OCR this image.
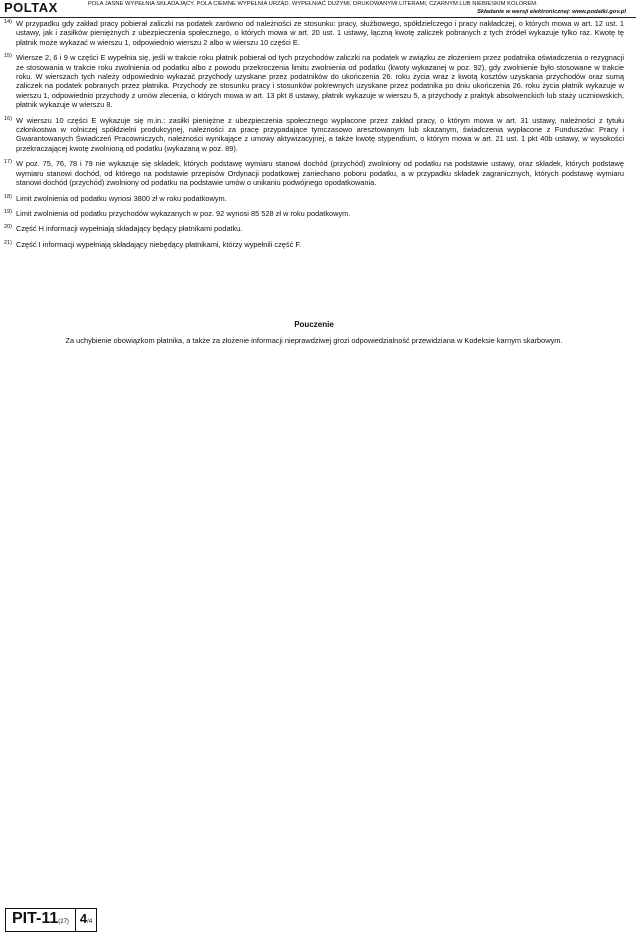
POLTAX	POLA JASNE WYPEŁNIA SKŁADAJĄCY. POLA CIEMNE WYPEŁNIA URZĄD. WYPEŁNIAĆ DUŻYMI, DRUKOWANYMI LITERAMI, CZARNYM LUB NIEBIESKIM KOLOREM.
Składanie w wersji elektronicznej: www.podatki.gov.pl
14) W przypadku gdy zakład pracy pobierał zaliczki na podatek zarówno od należności ze stosunku: pracy, służbowego, spółdzielczego i pracy nakładczej, o których mowa w art. 12 ust. 1 ustawy, jak i zasiłków pieniężnych z ubezpieczenia społecznego, o których mowa w art. 20 ust. 1 ustawy, łączną kwotę zaliczek pobranych z tych źródeł wykazuje tylko raz. Kwotę tę płatnik może wykazać w wierszu 1, odpowiednio wierszu 2 albo w wierszu 10 części E.
15) Wiersze 2, 6 i 9 w części E wypełnia się, jeśli w trakcie roku płatnik pobierał od tych przychodów zaliczki na podatek w związku ze złożeniem przez podatnika oświadczenia o rezygnacji ze stosowania w trakcie roku zwolnienia od podatku albo z powodu przekroczenia limitu zwolnienia od podatku (kwoty wykazanej w poz. 92), gdy zwolnienie było stosowane w trakcie roku. W wierszach tych należy odpowiednio wykazać przychody uzyskane przez podatników do ukończenia 26. roku życia wraz z kwotą kosztów uzyskania przychodów oraz sumą zaliczek na podatek pobranych przez płatnika. Przychody ze stosunku pracy i stosunków pokrewnych uzyskane przez podatnika po dniu ukończenia 26. roku życia płatnik wykazuje w wierszu 1, odpowiednio przychody z umów zlecenia, o których mowa w art. 13 pkt 8 ustawy, płatnik wykazuje w wierszu 5, a przychody z praktyk absolwenckich lub staży uczniowskich, płatnik wykazuje w wierszu 8.
16) W wierszu 10 części E wykazuje się m.in.: zasiłki pieniężne z ubezpieczenia społecznego wypłacone przez zakład pracy, o którym mowa w art. 31 ustawy, należności z tytułu członkostwa w rolniczej spółdzielni produkcyjnej, należności za pracę przypadające tymczasowo aresztowanym lub skazanym, świadczenia wypłacone z Funduszów: Pracy i Gwarantowanych Świadczeń Pracowniczych, należności wynikające z umowy aktywizacyjnej, a także kwotę stypendium, o którym mowa w art. 21 ust. 1 pkt 40b ustawy, w wysokości przekraczającej kwotę zwolnioną od podatku (wykazaną w poz. 89).
17) W poz. 75, 76, 78 i 79 nie wykazuje się składek, których podstawę wymiaru stanowi dochód (przychód) zwolniony od podatku na podstawie ustawy, oraz składek, których podstawę wymiaru stanowi dochód, od którego na podstawie przepisów Ordynacji podatkowej zaniechano poboru podatku, a w przypadku składek zagranicznych, których podstawę wymiaru stanowi dochód (przychód) zwolniony od podatku na podstawie umów o unikaniu podwójnego opodatkowania.
18) Limit zwolnienia od podatku wynosi 3800 zł w roku podatkowym.
19) Limit zwolnienia od podatku przychodów wykazanych w poz. 92 wynosi 85 528 zł w roku podatkowym.
20) Część H informacji wypełniają składający będący płatnikami podatku.
21) Część I informacji wypełniają składający niebędący płatnikami, którzy wypełnili część F.
Pouczenie
Za uchybienie obowiązkom płatnika, a także za złożenie informacji nieprawdziwej grozi odpowiedzialność przewidziana w Kodeksie karnym skarbowym.
PIT-11(27) 4/4
